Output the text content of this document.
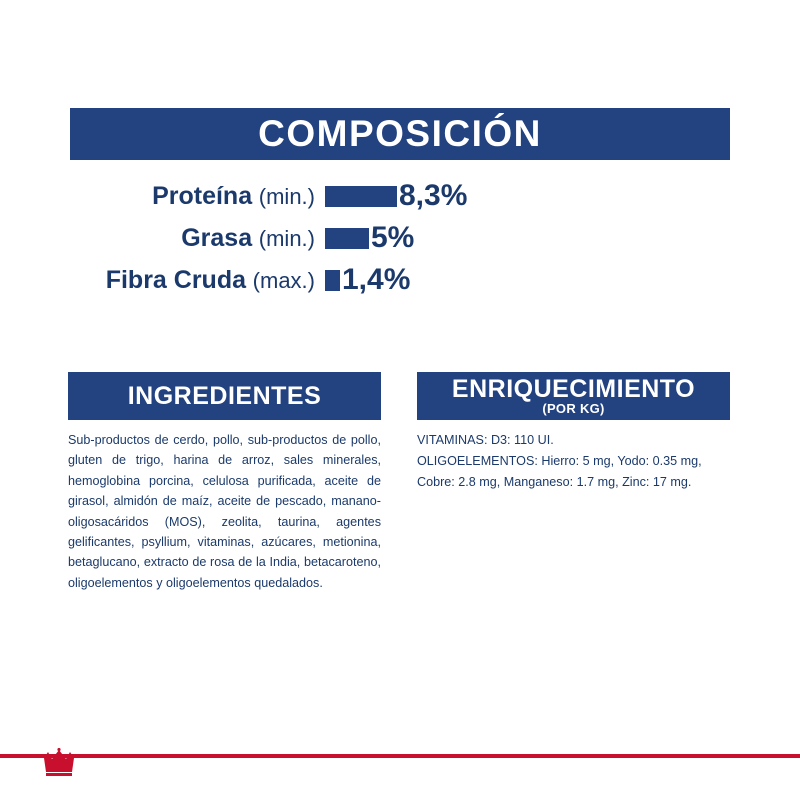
COMPOSICIÓN
Proteína (min.)	8,3%
Grasa (min.)	5%
Fibra Cruda (max.) 1,4%
INGREDIENTES

Sub-productos de cerdo, pollo, sub-productos de pollo, gluten de trigo, harina de arroz, sales minerales, hemoglobina porcina, celulosa purificada, aceite de girasol, almidón de maíz, aceite de pescado, manano-oligosacáridos (MOS), zeolita, taurina, agentes gelificantes, psyllium, vitaminas, azúcares, metionina, betaglucano, extracto de rosa de la India, betacaroteno, oligoelementos y oligoelementos quedalados.

ENRIQUECIMIENTO
(POR KG)

VITAMINAS: D3: 110 UI.

OLIGOELEMENTOS: Hierro: 5 mg, Yodo: 0.35 mg, Cobre: 2.8 mg, Manganeso: 1.7 mg, Zinc: 17 mg.
